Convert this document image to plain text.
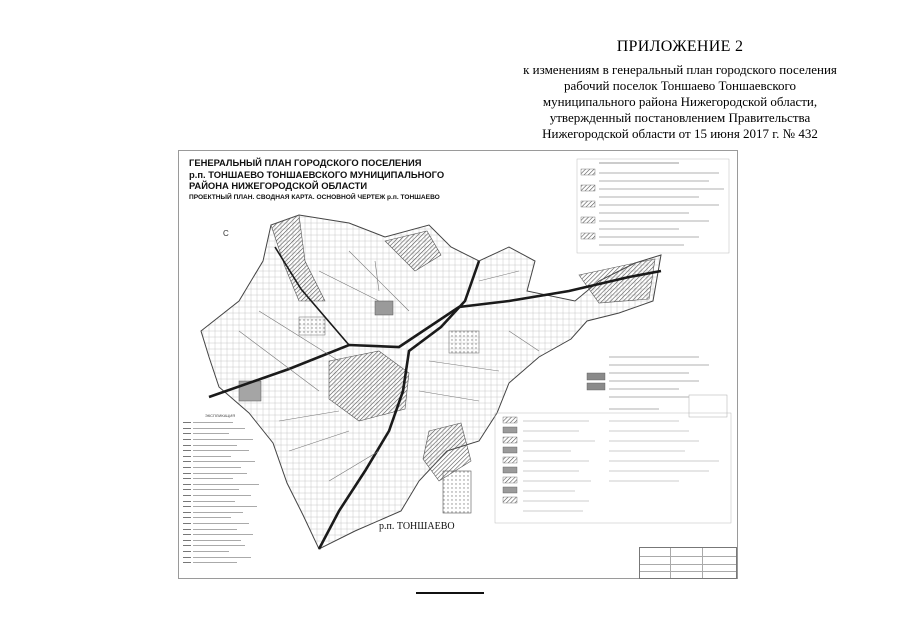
ПРИЛОЖЕНИЕ 2
к изменениям в генеральный план городского поселения
рабочий поселок Тоншаево Тоншаевского
муниципального района Нижегородской области,
утвержденный постановлением Правительства
Нижегородской области от 15 июня 2017 г. № 432
ГЕНЕРАЛЬНЫЙ ПЛАН ГОРОДСКОГО ПОСЕЛЕНИЯ
р.п. ТОНШАЕВО ТОНШАЕВСКОГО МУНИЦИПАЛЬНОГО
РАЙОНА НИЖЕГОРОДСКОЙ ОБЛАСТИ
ПРОЕКТНЫЙ ПЛАН. СВОДНАЯ КАРТА. ОСНОВНОЙ ЧЕРТЕЖ р.п. ТОНШАЕВО
С
ЭКСПЛИКАЦИЯ
р.п. ТОНШАЕВО
